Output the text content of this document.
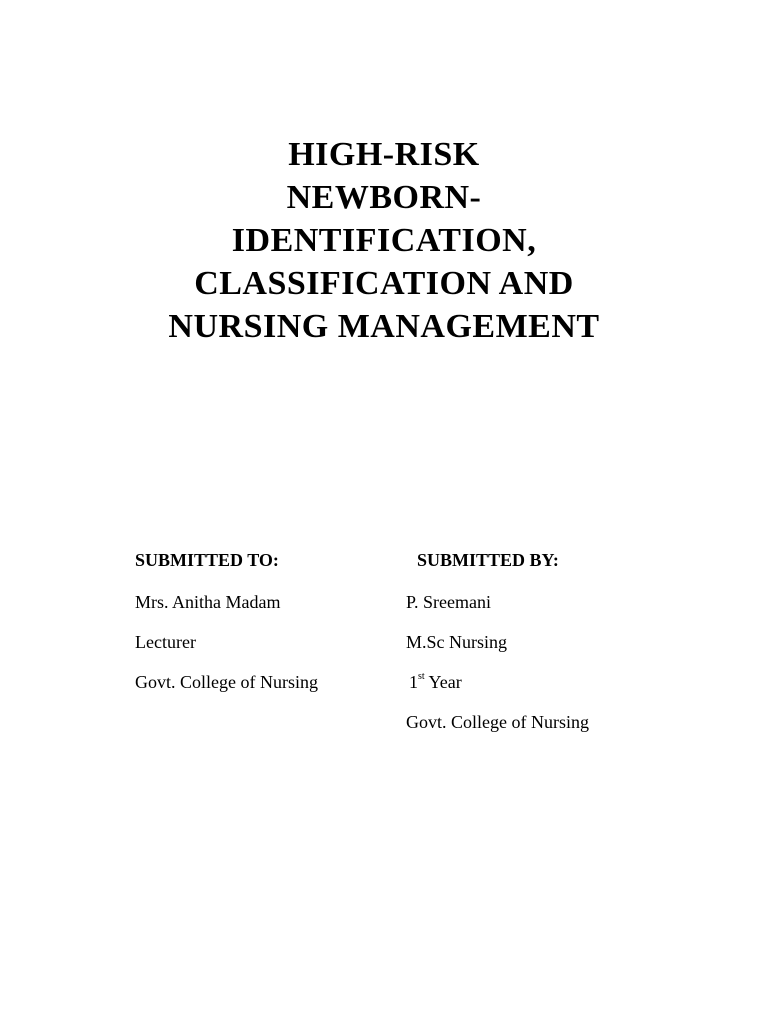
HIGH-RISK
NEWBORN-
IDENTIFICATION,
CLASSIFICATION AND
NURSING MANAGEMENT
SUBMITTED TO:
Mrs. Anitha Madam
Lecturer
Govt. College of Nursing
SUBMITTED BY:
P. Sreemani
M.Sc Nursing
1st Year
Govt. College of Nursing
